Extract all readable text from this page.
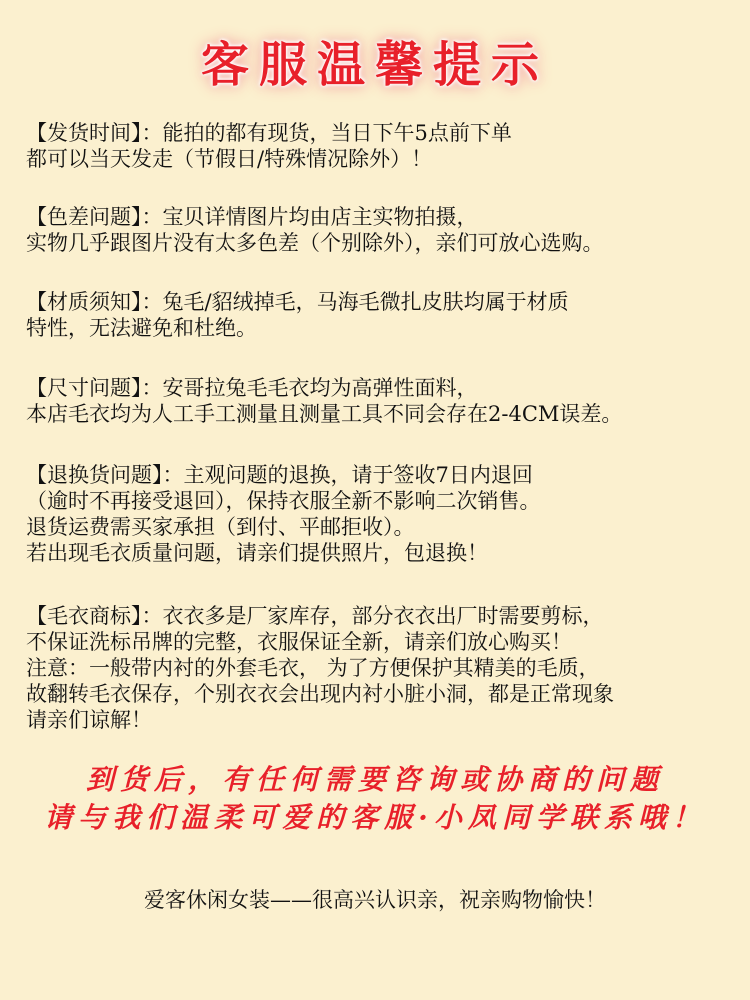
客服温馨提示
【发货时间】：能拍的都有现货，当日下午5点前下单
都可以当天发走（节假日/特殊情况除外）！
【色差问题】：宝贝详情图片均由店主实物拍摄，
实物几乎跟图片没有太多色差（个别除外），亲们可放心选购。
【材质须知】：兔毛/貂绒掉毛，马海毛微扎皮肤均属于材质
特性，无法避免和杜绝。
【尺寸问题】：安哥拉兔毛毛衣均为高弹性面料，
本店毛衣均为人工手工测量且测量工具不同会存在2-4CM误差。
【退换货问题】：主观问题的退换，请于签收7日内退回
（逾时不再接受退回），保持衣服全新不影响二次销售。
退货运费需买家承担（到付、平邮拒收）。
若出现毛衣质量问题，请亲们提供照片，包退换！
【毛衣商标】：衣衣多是厂家库存，部分衣衣出厂时需要剪标，
不保证洗标吊牌的完整，衣服保证全新，请亲们放心购买！
注意：一般带内衬的外套毛衣， 为了方便保护其精美的毛质，
故翻转毛衣保存，个别衣衣会出现内衬小脏小洞，都是正常现象
请亲们谅解！
到货后，有任何需要咨询或协商的问题
请与我们温柔可爱的客服·小凤同学联系哦！
爱客休闲女装——很高兴认识亲，祝亲购物愉快！
